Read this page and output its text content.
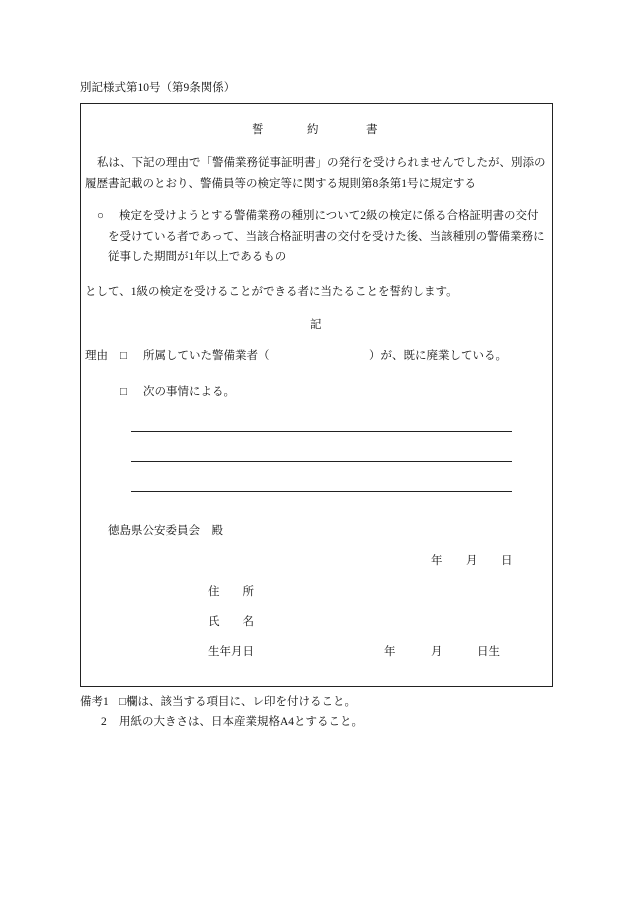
別記様式第10号（第9条関係）
誓	約	書
私は、下記の理由で「警備業務従事証明書」の発行を受けられませんでしたが、別添の
履歴書記載のとおり、警備員等の検定等に関する規則第8条第1号に規定する
○ 検定を受けようとする警備業務の種別について2級の検定に係る合格証明書の交付
を受けている者であって、当該合格証明書の交付を受けた後、当該種別の警備業務に
従事した期間が1年以上であるもの
として、1級の検定を受けることができる者に当たることを誓約します。
記
理由 □ 所属していた警備業者（	）が、既に廃業している。
□ 次の事情による。
徳島県公安委員会　殿
年 月 日
住　　所
氏　　名
生年月日	年	月	日生
備考1 □欄は、該当する項目に、レ印を付けること。
2 用紙の大きさは、日本産業規格A4とすること。
